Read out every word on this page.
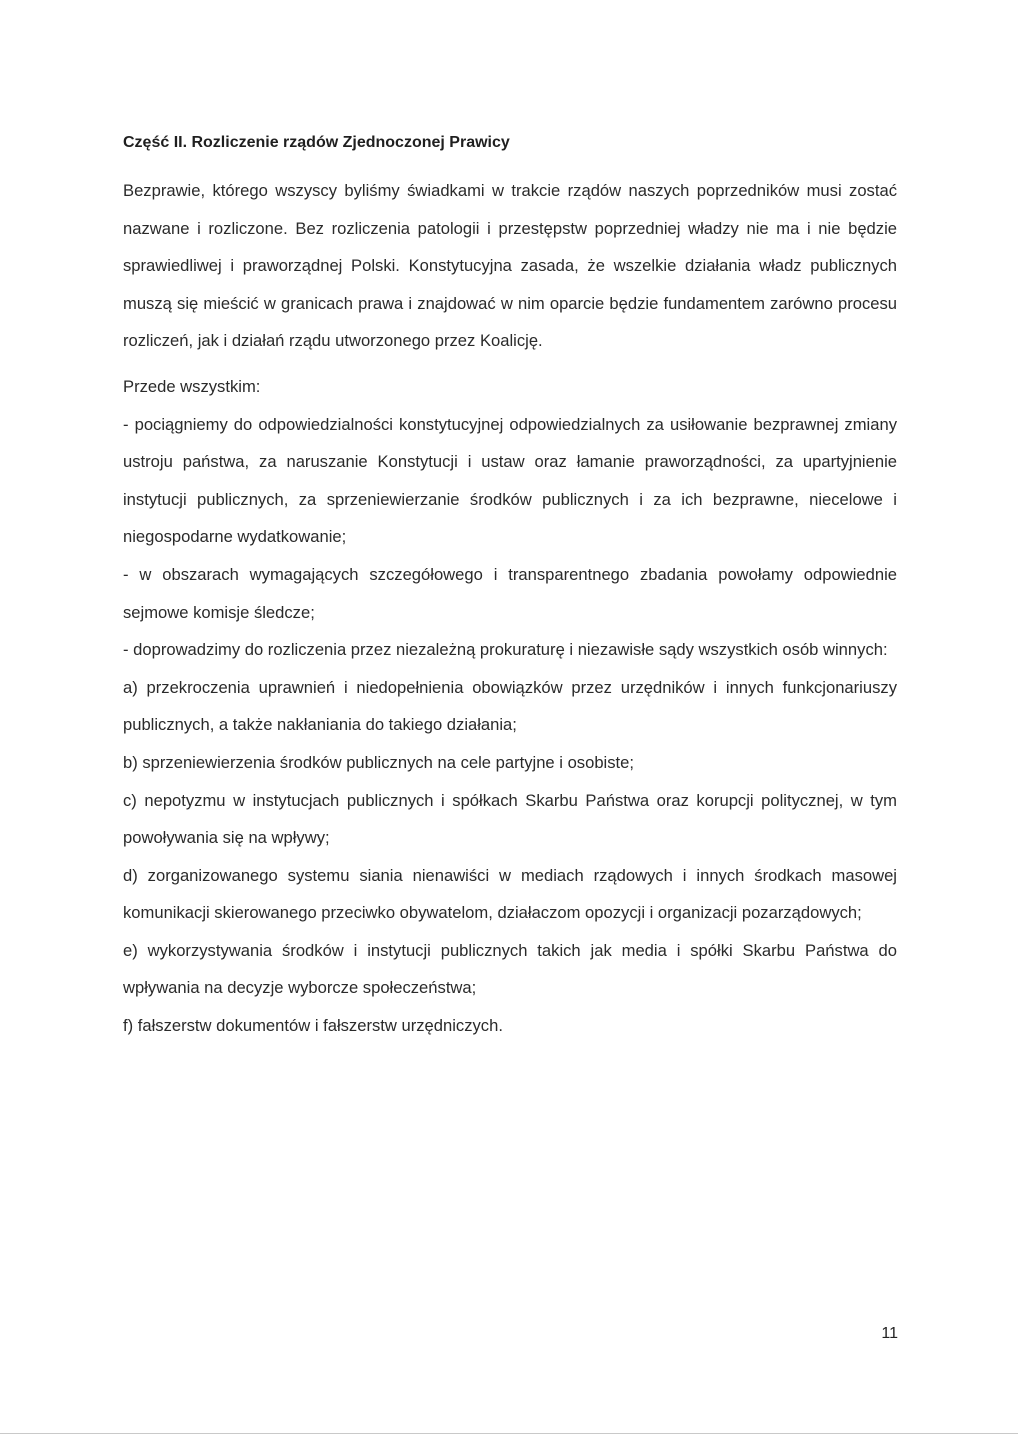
Część II. Rozliczenie rządów Zjednoczonej Prawicy

Bezprawie, którego wszyscy byliśmy świadkami w trakcie rządów naszych poprzedników musi zostać nazwane i rozliczone. Bez rozliczenia patologii i przestępstw poprzedniej władzy nie ma i nie będzie sprawiedliwej i praworządnej Polski. Konstytucyjna zasada, że wszelkie działania władz publicznych muszą się mieścić w granicach prawa i znajdować w nim oparcie będzie fundamentem zarówno procesu rozliczeń, jak i działań rządu utworzonego przez Koalicję.

Przede wszystkim:

- pociągniemy do odpowiedzialności konstytucyjnej odpowiedzialnych za usiłowanie bezprawnej zmiany ustroju państwa, za naruszanie Konstytucji i ustaw oraz łamanie praworządności, za upartyjnienie instytucji publicznych, za sprzeniewierzanie środków publicznych i za ich bezprawne, niecelowe i niegospodarne wydatkowanie;

- w obszarach wymagających szczegółowego i transparentnego zbadania powołamy odpowiednie sejmowe komisje śledcze;

- doprowadzimy do rozliczenia przez niezależną prokuraturę i niezawisłe sądy wszystkich osób winnych:

a) przekroczenia uprawnień i niedopełnienia obowiązków przez urzędników i innych funkcjonariuszy publicznych, a także nakłaniania do takiego działania;

b) sprzeniewierzenia środków publicznych na cele partyjne i osobiste;

c) nepotyzmu w instytucjach publicznych i spółkach Skarbu Państwa oraz korupcji politycznej, w tym powoływania się na wpływy;

d) zorganizowanego systemu siania nienawiści w mediach rządowych i innych środkach masowej komunikacji skierowanego przeciwko obywatelom, działaczom opozycji i organizacji pozarządowych;

e) wykorzystywania środków i instytucji publicznych takich jak media i spółki Skarbu Państwa do wpływania na decyzje wyborcze społeczeństwa;

f) fałszerstw dokumentów i fałszerstw urzędniczych.

11
